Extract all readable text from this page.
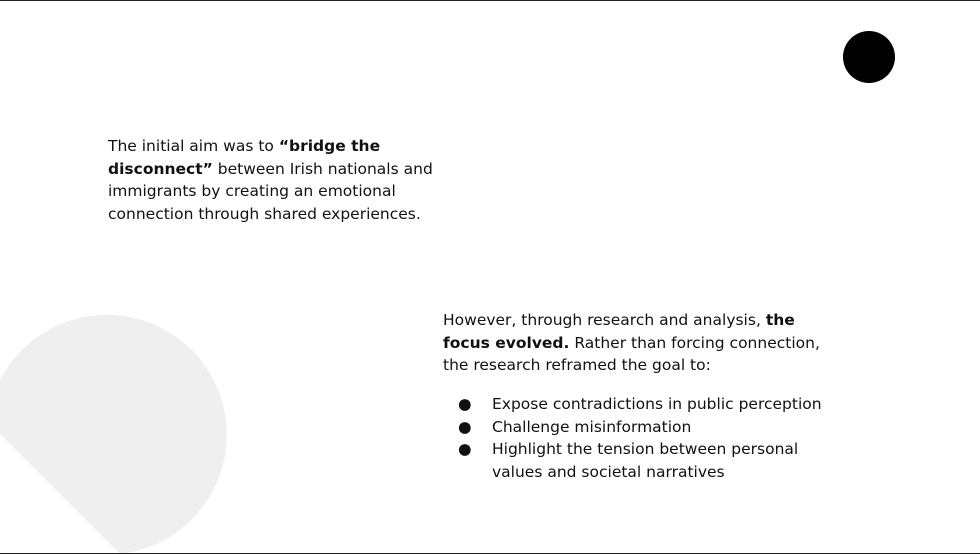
The initial aim was to “bridge the disconnect” between Irish nationals and immigrants by creating an emotional connection through shared experiences.

However, through research and analysis, the focus evolved. Rather than forcing connection, the research reframed the goal to:

● Expose contradictions in public perception
● Challenge misinformation
● Highlight the tension between personal values and societal narratives
